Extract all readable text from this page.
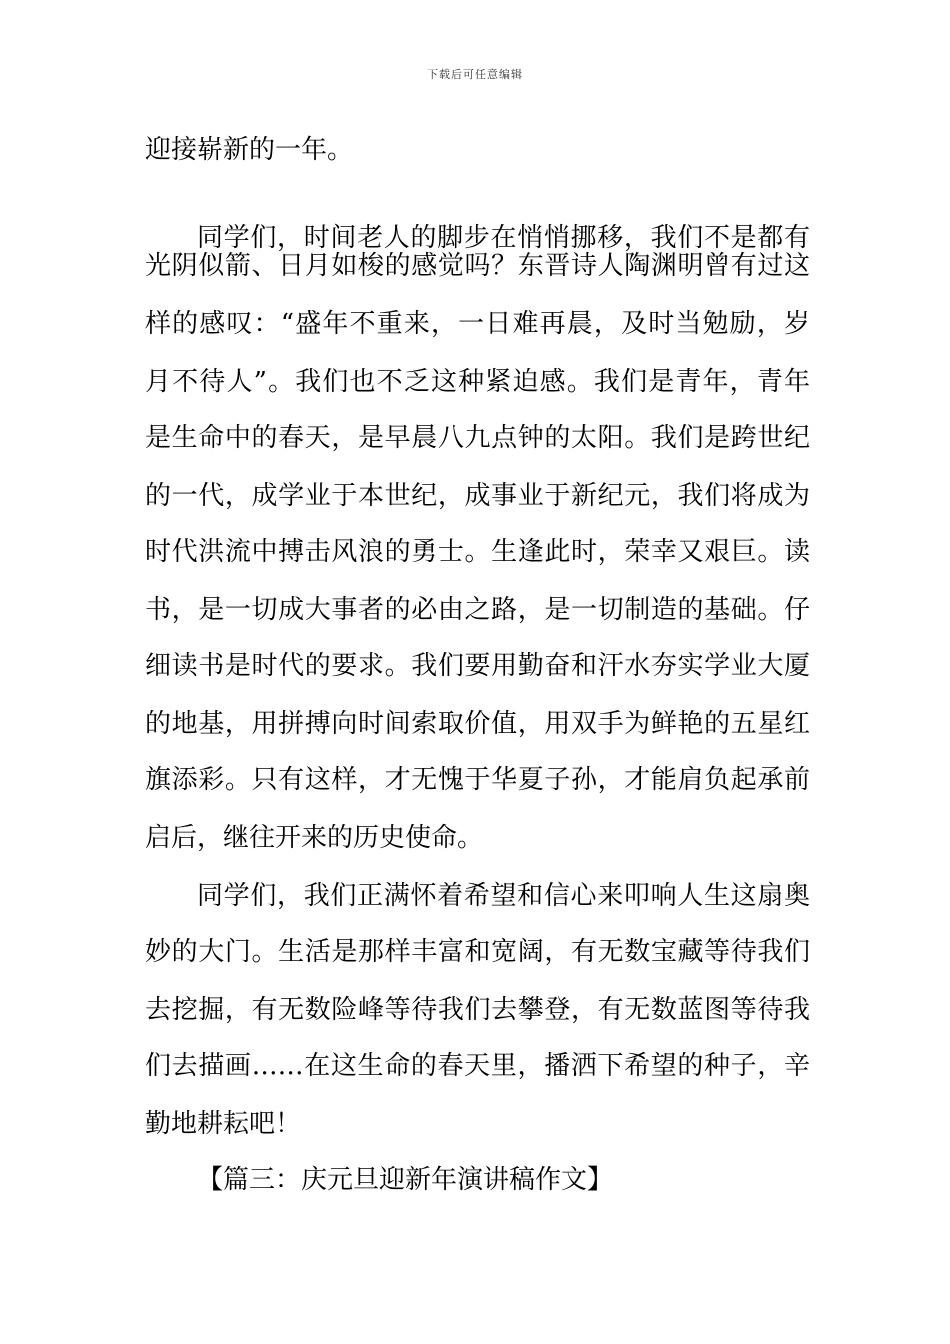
下载后可任意编辑
迎接崭新的一年。
同学们，时间老人的脚步在悄悄挪移，我们不是都有
光阴似箭、日月如梭的感觉吗？东晋诗人陶渊明曾有过这
样的感叹：“盛年不重来，一日难再晨，及时当勉励，岁
月不待人”。我们也不乏这种紧迫感。我们是青年，青年
是生命中的春天，是早晨八九点钟的太阳。我们是跨世纪
的一代，成学业于本世纪，成事业于新纪元，我们将成为
时代洪流中搏击风浪的勇士。生逢此时，荣幸又艰巨。读
书，是一切成大事者的必由之路，是一切制造的基础。仔
细读书是时代的要求。我们要用勤奋和汗水夯实学业大厦
的地基，用拼搏向时间索取价值，用双手为鲜艳的五星红
旗添彩。只有这样，才无愧于华夏子孙，才能肩负起承前
启后，继往开来的历史使命。
同学们，我们正满怀着希望和信心来叩响人生这扇奥
妙的大门。生活是那样丰富和宽阔，有无数宝藏等待我们
去挖掘，有无数险峰等待我们去攀登，有无数蓝图等待我
们去描画……在这生命的春天里，播洒下希望的种子，辛
勤地耕耘吧！
【篇三：庆元旦迎新年演讲稿作文】
